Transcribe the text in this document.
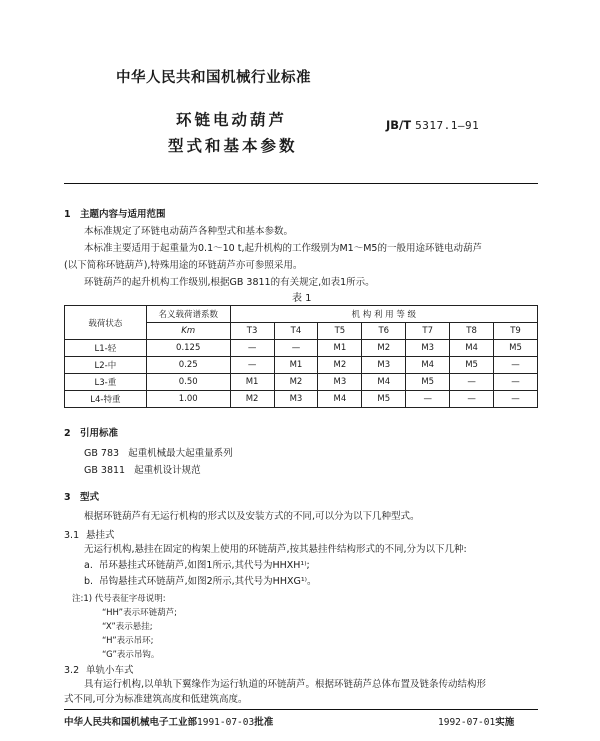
中华人民共和国机械行业标准
环链电动葫芦
型式和基本参数
JB/T 5317.1—91
1 主题内容与适用范围
本标准规定了环链电动葫芦各种型式和基本参数。
本标准主要适用于起重量为0.1～10 t,起升机构的工作级别为M1～M5的一般用途环链电动葫芦
(以下简称环链葫芦),特殊用途的环链葫芦亦可参照采用。
环链葫芦的起升机构工作级别,根据GB 3811的有关规定,如表1所示。
表 1
载荷状态	名义载荷谱系数	机 构 利 用 等 级						
	Km	T3	T4	T5	T6	T7	T8	T9
L1-轻	0.125	—	—	M1	M2	M3	M4	M5
L2-中	0.25	—	M1	M2	M3	M4	M5	—
L3-重	0.50	M1	M2	M3	M4	M5	—	—
L4-特重	1.00	M2	M3	M4	M5	—	—	—
2 引用标准
GB 783   起重机械最大起重量系列
GB 3811   起重机设计规范
3 型式
根据环链葫芦有无运行机构的形式以及安装方式的不同,可以分为以下几种型式。
3.1 悬挂式
无运行机构,悬挂在固定的构架上使用的环链葫芦,按其悬挂件结构形式的不同,分为以下几种:
a.  吊环悬挂式环链葫芦,如图1所示,其代号为HHXH¹⁾;
b.  吊钩悬挂式环链葫芦,如图2所示,其代号为HHXG¹⁾。
注:1) 代号表征字母说明:
“HH”表示环链葫芦;
“X”表示悬挂;
“H”表示吊环;
“G”表示吊钩。
3.2 单轨小车式
具有运行机构,以单轨下翼缘作为运行轨道的环链葫芦。根据环链葫芦总体布置及链条传动结构形
式不同,可分为标准建筑高度和低建筑高度。
中华人民共和国机械电子工业部1991-07-03批准	1992-07-01实施
